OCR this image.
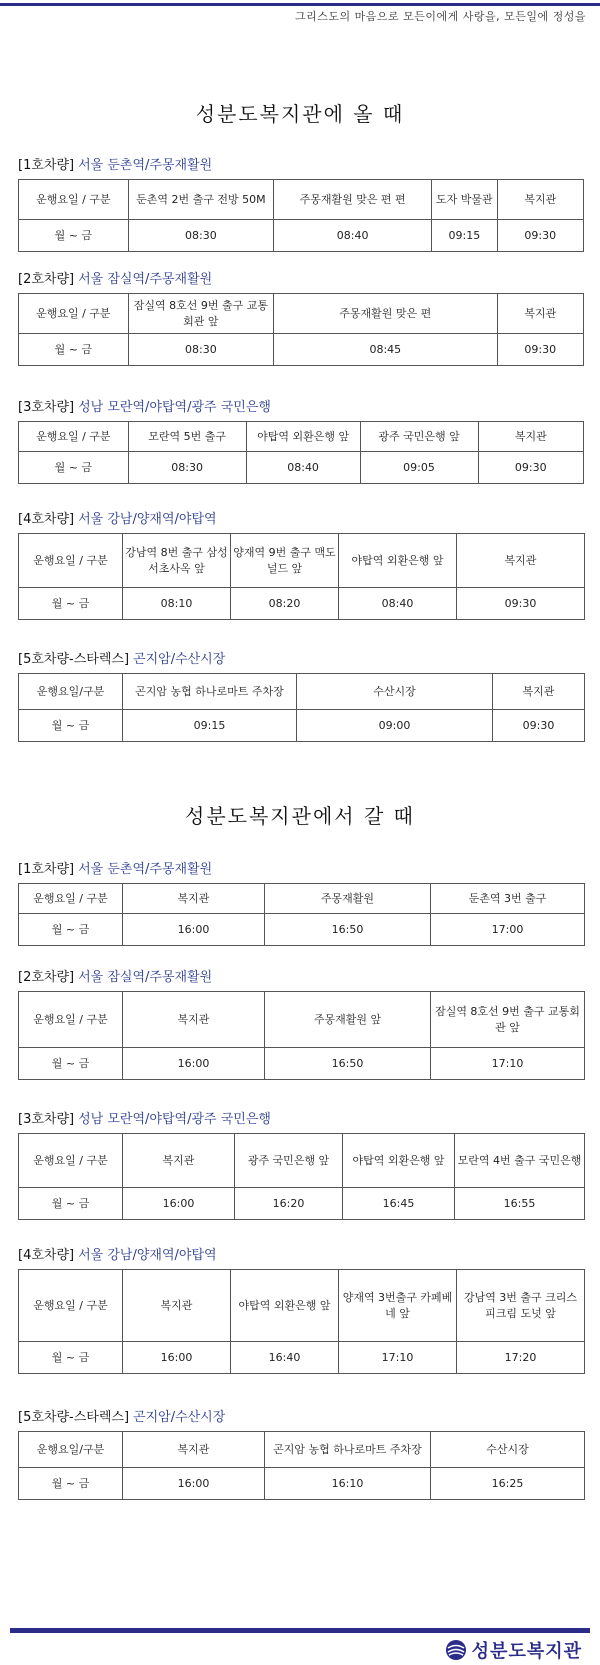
그리스도의 마음으로 모든이에게 사랑을, 모든일에 정성을
성분도복지관에 올 때
[1호차량] 서울 둔촌역/주몽재활원
운행요일 / 구분	둔촌역 2번 출구 전방 50M	주몽재활원 맞은 편 편	도자 박물관	복지관
월 ~ 금	08:30	08:40	09:15	09:30
[2호차량] 서울 잠실역/주몽재활원
운행요일 / 구분	잠실역 8호선 9번 출구 교통회관 앞	주몽재활원 맞은 편	복지관
월 ~ 금	08:30	08:45	09:30
[3호차량] 성남 모란역/야탑역/광주 국민은행
운행요일 / 구분	모란역 5번 출구	야탑역 외환은행 앞	광주 국민은행 앞	복지관
월 ~ 금	08:30	08:40	09:05	09:30
[4호차량] 서울 강남/양재역/야탑역
운행요일 / 구분	강남역 8번 출구 삼성 서초사옥 앞	양재역 9번 출구 맥도널드 앞	야탑역 외환은행 앞	복지관
월 ~ 금	08:10	08:20	08:40	09:30
[5호차량-스타렉스] 곤지암/수산시장
운행요일/구분	곤지암 농협 하나로마트 주차장	수산시장	복지관
월 ~ 금	09:15	09:00	09:30
성분도복지관에서 갈 때
[1호차량] 서울 둔촌역/주몽재활원
운행요일 / 구분	복지관	주몽재활원	둔촌역 3번 출구
월 ~ 금	16:00	16:50	17:00
[2호차량] 서울 잠실역/주몽재활원
운행요일 / 구분	복지관	주몽재활원 앞	잠실역 8호선 9번 출구 교통회관 앞
월 ~ 금	16:00	16:50	17:10
[3호차량] 성남 모란역/야탑역/광주 국민은행
운행요일 / 구분	복지관	광주 국민은행 앞	야탑역 외환은행 앞	모란역 4번 출구 국민은행
월 ~ 금	16:00	16:20	16:45	16:55
[4호차량] 서울 강남/양재역/야탑역
운행요일 / 구분	복지관	야탑역 외환은행 앞	양재역 3번출구 카페베네 앞	강남역 3번 출구 크리스피크림 도넛 앞
월 ~ 금	16:00	16:40	17:10	17:20
[5호차량-스타렉스] 곤지암/수산시장
운행요일/구분	복지관	곤지암 농협 하나로마트 주차장	수산시장
월 ~ 금	16:00	16:10	16:25
성분도복지관
